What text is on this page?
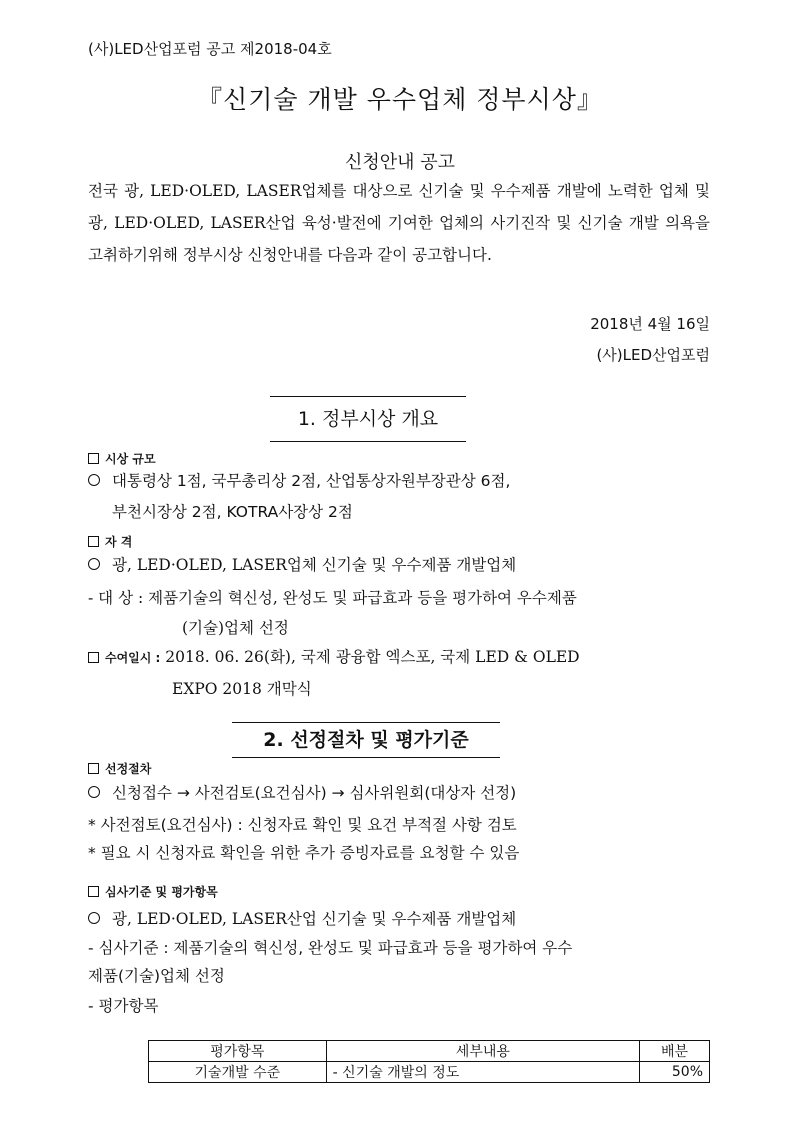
(사)LED산업포럼 공고 제2018-04호
『신기술 개발 우수업체 정부시상』
신청안내 공고
전국 광, LED·OLED, LASER업체를 대상으로 신기술 및 우수제품 개발에 노력한 업체 및 광, LED·OLED, LASER산업 육성·발전에 기여한 업체의 사기진작 및 신기술 개발 의욕을 고취하기위해 정부시상 신청안내를 다음과 같이 공고합니다.
2018년 4월 16일
(사)LED산업포럼
1. 정부시상 개요
시상 규모
대통령상 1점, 국무총리상 2점, 산업통상자원부장관상 6점,
부천시장상 2점, KOTRA사장상 2점
자 격
광, LED·OLED, LASER업체 신기술 및 우수제품 개발업체
- 대 상 : 제품기술의 혁신성, 완성도 및 파급효과 등을 평가하여 우수제품
(기술)업체 선정
수여일시 : 2018. 06. 26(화), 국제 광융합 엑스포, 국제 LED & OLED
EXPO 2018 개막식
2. 선정절차 및 평가기준
선정절차
신청접수 → 사전검토(요건심사) → 심사위원회(대상자 선정)
* 사전점토(요건심사) : 신청자료 확인 및 요건 부적절 사항 검토
* 필요 시 신청자료 확인을 위한 추가 증빙자료를 요청할 수 있음
심사기준 및 평가항목
광, LED·OLED, LASER산업 신기술 및 우수제품 개발업체
- 심사기준 : 제품기술의 혁신성, 완성도 및 파급효과 등을 평가하여 우수
제품(기술)업체 선정
- 평가항목
평가항목	세부내용	배분
기술개발 수준	- 신기술 개발의 정도	50%
